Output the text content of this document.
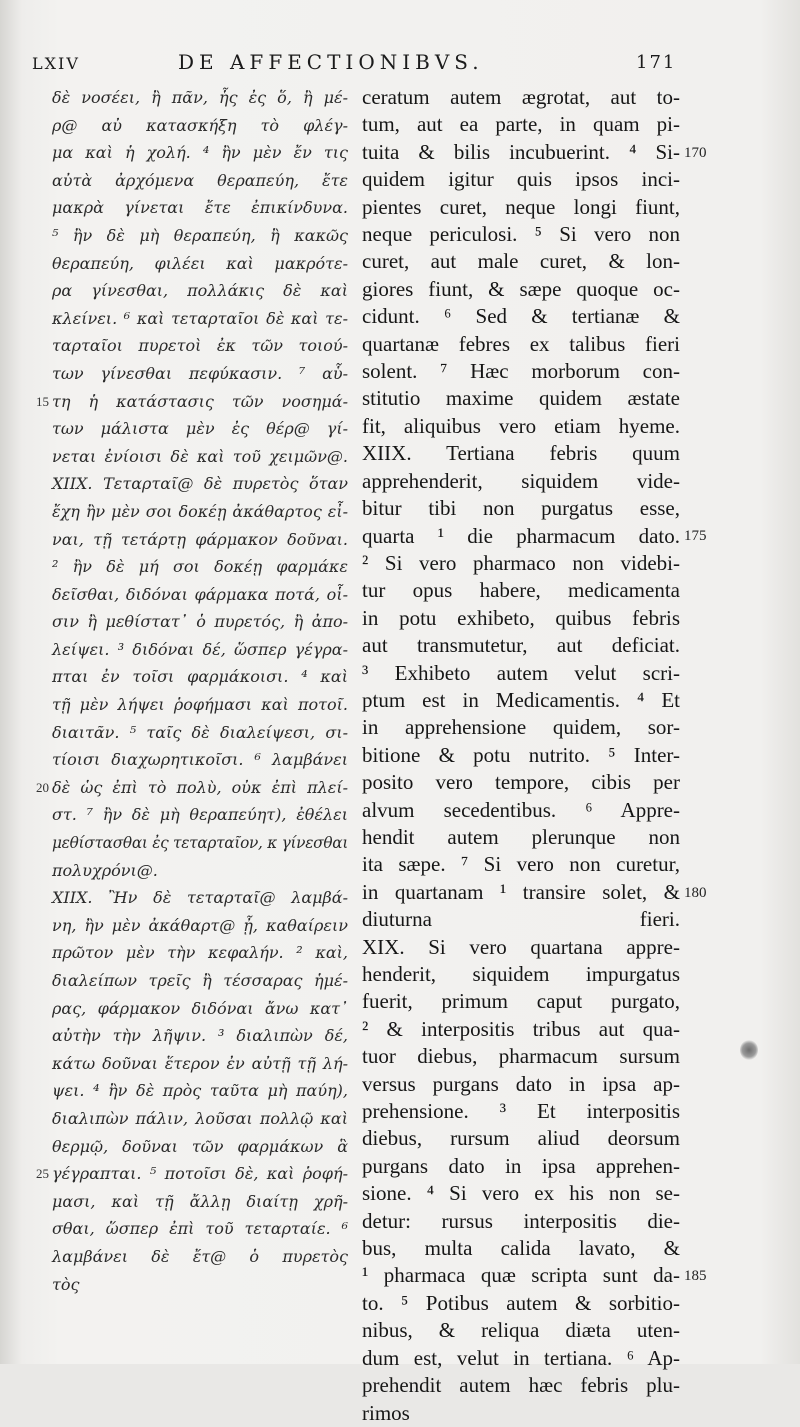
LXIV	DE AFFECTIONIBVS.	171
δὲ νοσέει, ἢ πᾶν, ἧς ἐς ὅ, ἢ μέ-
ρ@ αὐ κατασκήξη τὸ φλέγ-
μα καὶ ἡ χολή. ⁴ ἢν μὲν ἔν τις
αὐτὰ ἀρχόμενα θεραπεύη, ἔτε
μακρὰ γίνεται ἔτε ἐπικίνδυνα.
⁵ ἢν δὲ μὴ θεραπεύη, ἢ κακῶς
θεραπεύη, φιλέει καὶ μακρότε-
ρα γίνεσθαι, πολλάκις δὲ καὶ
κλείνει. ⁶ καὶ τεταρταῖοι δὲ καὶ τε-
ταρταῖοι πυρετοὶ ἐκ τῶν τοιού-
των γίνεσθαι πεφύκασιν. ⁷ αὗ-
τη ἡ κατάστασις τῶν νοσημά-
των μάλιστα μὲν ἐς θέρ@ γί-
νεται ἐνίοισι δὲ καὶ τοῦ χειμῶν@.
XIIX. Τεταρταῖ@ δὲ πυρετὸς ὅταν
ἔχη ἢν μὲν σοι δοκέῃ ἀκάθαρτος εἶ-
ναι, τῇ τετάρτῃ φάρμακον δοῦναι.
² ἢν δὲ μή σοι δοκέῃ φαρμάκε
δεῖσθαι, διδόναι φάρμακα ποτά, οἷ-
σιν ἢ μεθίστατ᾽ ὁ πυρετός, ἢ ἀπο-
λείψει. ³ διδόναι δέ, ὥσπερ γέγρα-
πται ἐν τοῖσι φαρμάκοισι. ⁴ καὶ
τῇ μὲν λήψει ῥοφήμασι καὶ ποτοῖ.
διαιτᾶν. ⁵ ταῖς δὲ διαλείψεσι, σι-
τίοισι διαχωρητικοῖσι. ⁶ λαμβάνει
δὲ ὡς ἐπὶ τὸ πολὺ, οὐκ ἐπὶ πλεί-
στ. ⁷ ἢν δὲ μὴ θεραπεύητ), ἐθέλει
μεθίστασθαι ἐς τεταρταῖον, κ γίνεσθαι
πολυχρόνι@.
XIIX. Ἢν δὲ τεταρταῖ@ λαμβά-
νη, ἢν μὲν ἀκάθαρτ@ ᾖ, καθαίρειν
πρῶτον μὲν τὴν κεφαλήν. ² καὶ,
διαλείπων τρεῖς ἢ τέσσαρας ἡμέ-
ρας, φάρμακον διδόναι ἄνω κατ᾽
αὐτὴν τὴν λῆψιν. ³ διαλιπὼν δέ,
κάτω δοῦναι ἕτερον ἐν αὐτῇ τῇ λή-
ψει. ⁴ ἢν δὲ πρὸς ταῦτα μὴ παύη),
διαλιπὼν πάλιν, λοῦσαι πολλῷ καὶ
θερμῷ, δοῦναι τῶν φαρμάκων ἃ
γέγραπται. ⁵ ποτοῖσι δὲ, καὶ ῥοφή-
μασι, καὶ τῇ ἄλλῃ διαίτῃ χρῆ-
σθαι, ὥσπερ ἐπὶ τοῦ τεταρταίε. ⁶
λαμβάνει δὲ ἔτ@ ὁ πυρετὸς
τὸς
ceratum autem ægrotat, aut to-
tum, aut ea parte, in quam pi-
tuita & bilis incubuerint. ⁴ Si-
quidem igitur quis ipsos inci-
pientes curet, neque longi fiunt,
neque periculosi. ⁵ Si vero non
curet, aut male curet, & lon-
giores fiunt, & sæpe quoque oc-
cidunt. ⁶ Sed & tertianæ &
quartanæ febres ex talibus fieri
solent. ⁷ Hæc morborum con-
stitutio maxime quidem æstate
fit, aliquibus vero etiam hyeme.
XIIX. Tertiana febris quum
apprehenderit, siquidem vide-
bitur tibi non purgatus esse,
quarta ¹ die pharmacum dato.
² Si vero pharmaco non videbi-
tur opus habere, medicamenta
in potu exhibeto, quibus febris
aut transmutetur, aut deficiat.
³ Exhibeto autem velut scri-
ptum est in Medicamentis. ⁴ Et
in apprehensione quidem, sor-
bitione & potu nutrito. ⁵ Inter-
posito vero tempore, cibis per
alvum secedentibus. ⁶ Appre-
hendit autem plerunque non
ita sæpe. ⁷ Si vero non curetur,
in quartanam ¹ transire solet, &
diuturna fieri.
XIX. Si vero quartana appre-
henderit, siquidem impurgatus
fuerit, primum caput purgato,
² & interpositis tribus aut qua-
tuor diebus, pharmacum sursum
versus purgans dato in ipsa ap-
prehensione. ³ Et interpositis
diebus, rursum aliud deorsum
purgans dato in ipsa apprehen-
sione. ⁴ Si vero ex his non se-
detur: rursus interpositis die-
bus, multa calida lavato, &
¹ pharmaca quæ scripta sunt da-
to. ⁵ Potibus autem & sorbitio-
nibus, & reliqua diæta uten-
dum est, velut in tertiana. ⁶ Ap-
prehendit autem hæc febris plu-
rimos
15
20
25
170
175
180
185
